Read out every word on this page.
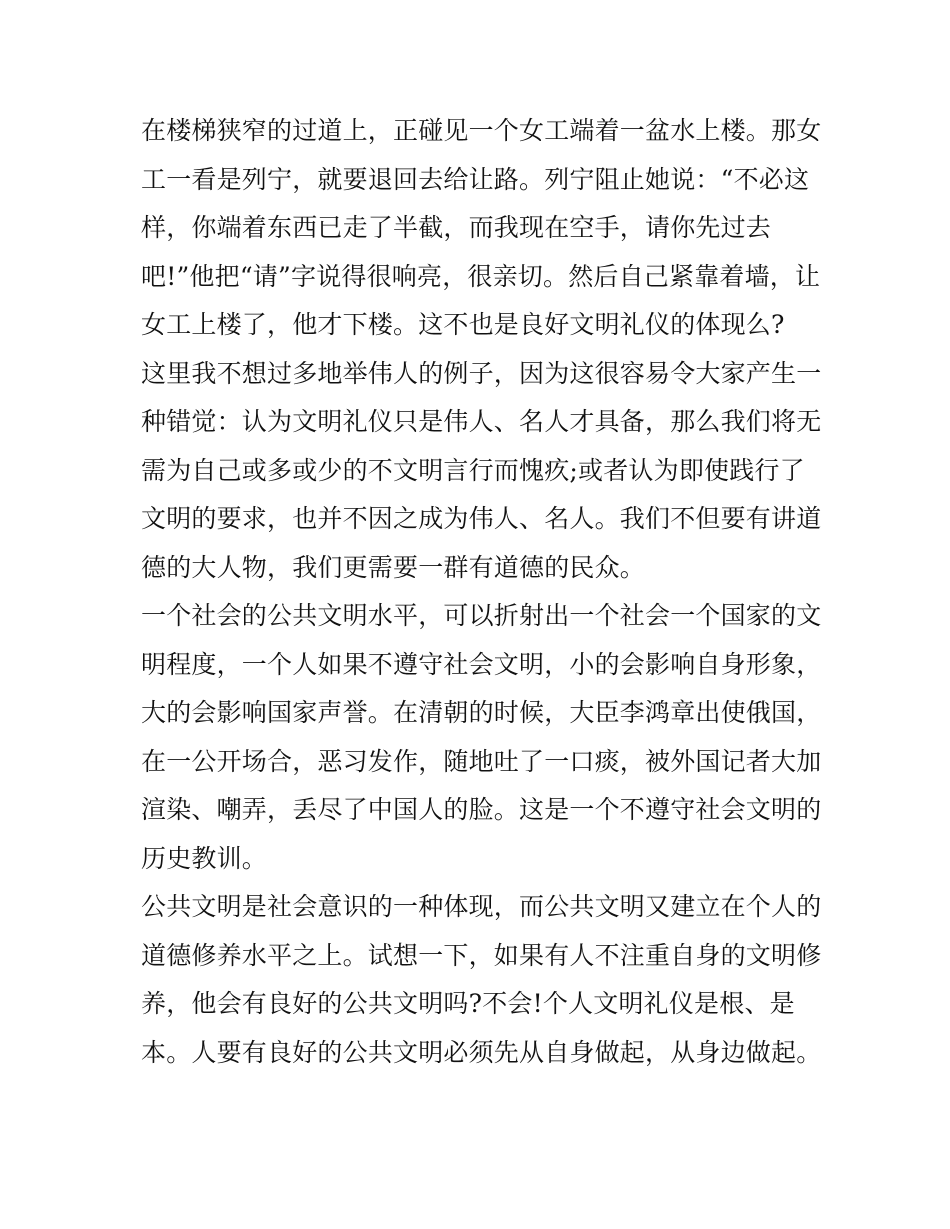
在楼梯狭窄的过道上，正碰见一个女工端着一盆水上楼。那女
工一看是列宁，就要退回去给让路。列宁阻止她说：“不必这
样，你端着东西已走了半截，而我现在空手，请你先过去
吧!”他把“请”字说得很响亮，很亲切。然后自己紧靠着墙，让
女工上楼了，他才下楼。这不也是良好文明礼仪的体现么?
这里我不想过多地举伟人的例子，因为这很容易令大家产生一
种错觉：认为文明礼仪只是伟人、名人才具备，那么我们将无
需为自己或多或少的不文明言行而愧疚;或者认为即使践行了
文明的要求，也并不因之成为伟人、名人。我们不但要有讲道
德的大人物，我们更需要一群有道德的民众。
一个社会的公共文明水平，可以折射出一个社会一个国家的文
明程度，一个人如果不遵守社会文明，小的会影响自身形象，
大的会影响国家声誉。在清朝的时候，大臣李鸿章出使俄国，
在一公开场合，恶习发作，随地吐了一口痰，被外国记者大加
渲染、嘲弄，丢尽了中国人的脸。这是一个不遵守社会文明的
历史教训。
公共文明是社会意识的一种体现，而公共文明又建立在个人的
道德修养水平之上。试想一下，如果有人不注重自身的文明修
养，他会有良好的公共文明吗?不会!个人文明礼仪是根、是
本。人要有良好的公共文明必须先从自身做起，从身边做起。
